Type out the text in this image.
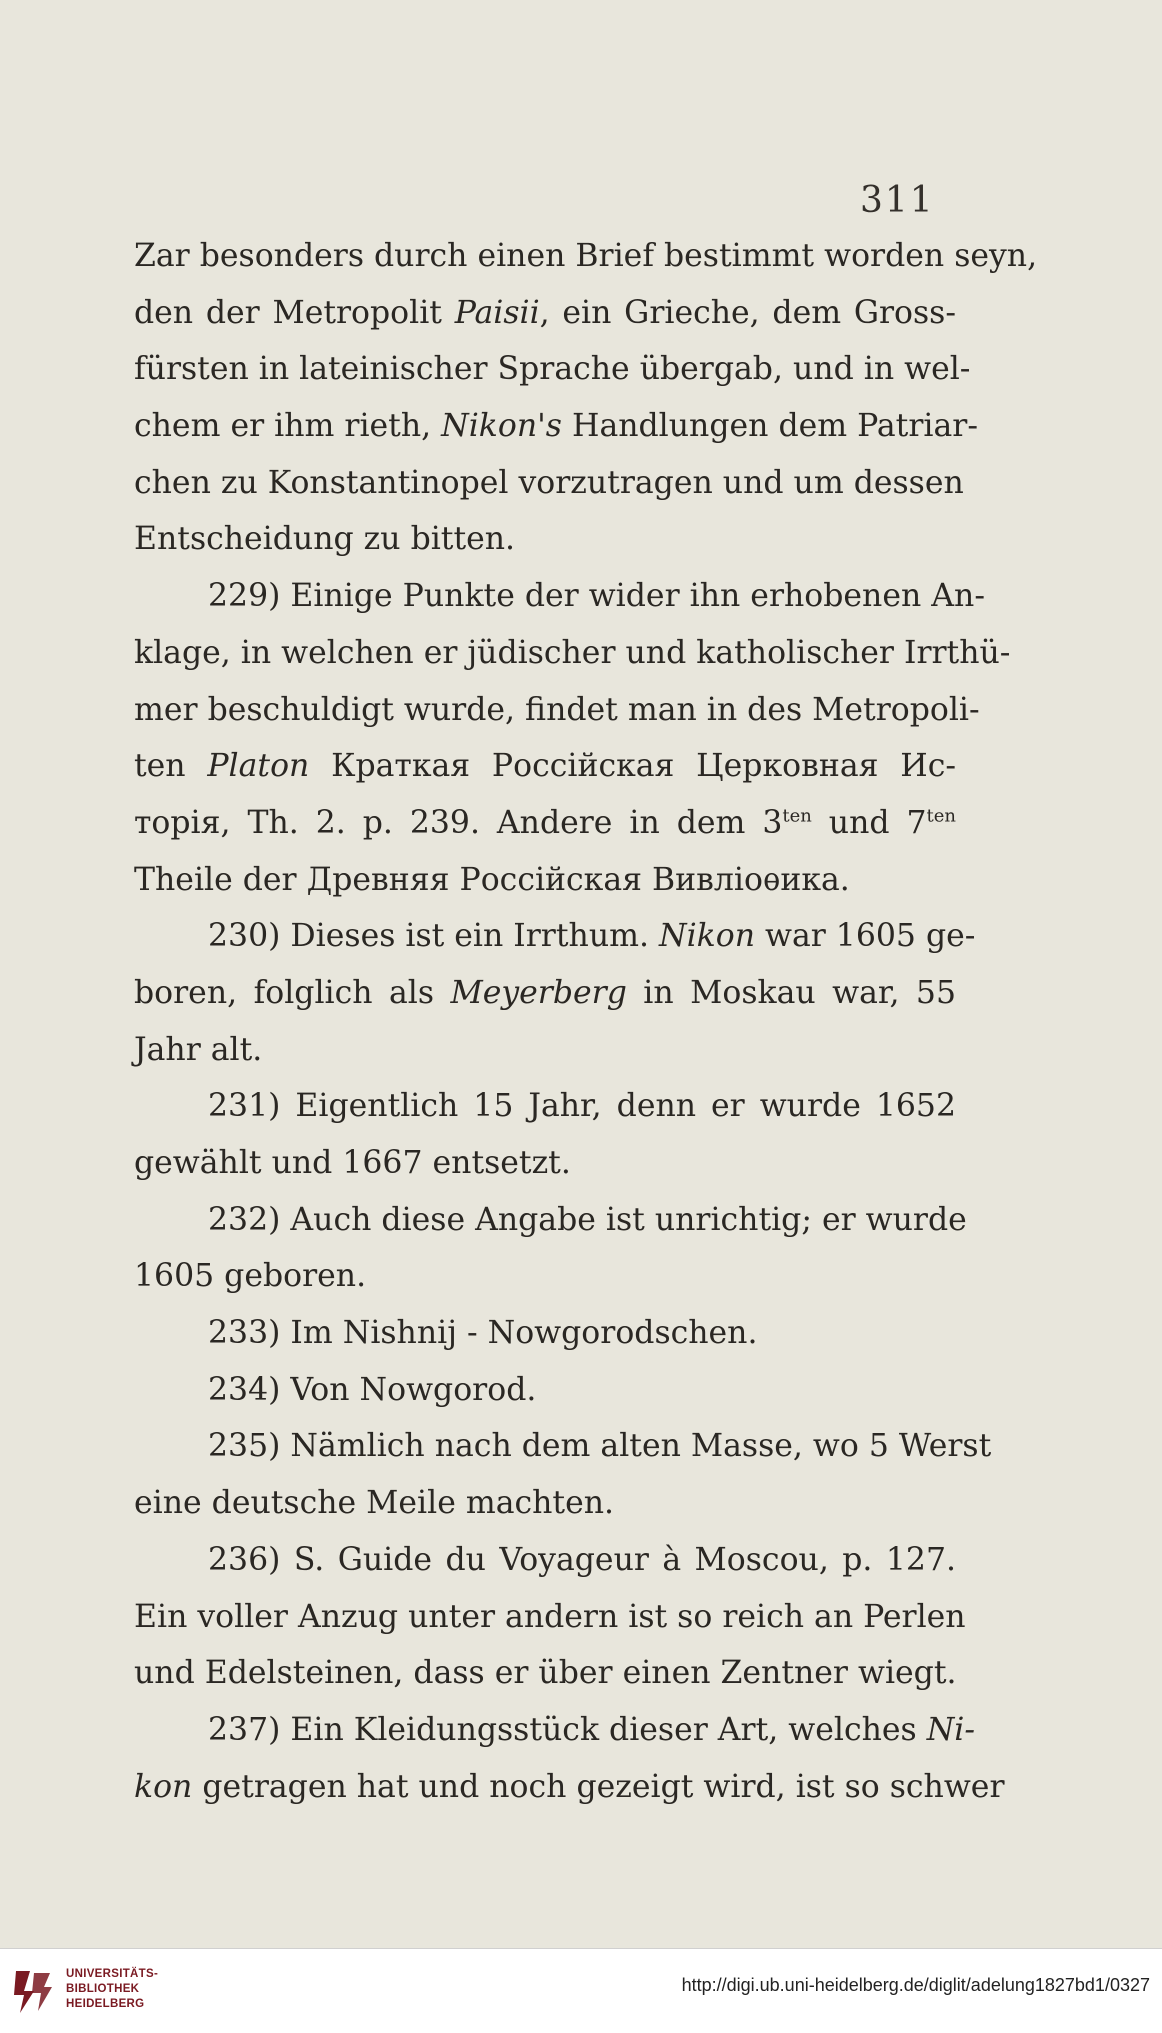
311
Zar besonders durch einen Brief bestimmt worden seyn,
den der Metropolit Paisii, ein Grieche, dem Gross-
fürsten in lateinischer Sprache übergab, und in wel-
chem er ihm rieth, Nikon's Handlungen dem Patriar-
chen zu Konstantinopel vorzutragen und um dessen
Entscheidung zu bitten.
229) Einige Punkte der wider ihn erhobenen An-
klage, in welchen er jüdischer und katholischer Irrthü-
mer beschuldigt wurde, findet man in des Metropoli-
ten Platon Краткая Россійская Церковная Ис-
торія, Th. 2. p. 239. Andere in dem $3^{ten}$ und $7^{ten}$
Theile der Древняя Россійская Вивліоѳика.
230) Dieses ist ein Irrthum. Nikon war 1605 ge-
boren, folglich als Meyerberg in Moskau war, 55
Jahr alt.
231) Eigentlich 15 Jahr, denn er wurde 1652
gewählt und 1667 entsetzt.
232) Auch diese Angabe ist unrichtig; er wurde
1605 geboren.
233) Im Nishnij - Nowgorodschen.
234) Von Nowgorod.
235) Nämlich nach dem alten Masse, wo 5 Werst
eine deutsche Meile machten.
236) S. Guide du Voyageur à Moscou, p. 127.
Ein voller Anzug unter andern ist so reich an Perlen
und Edelsteinen, dass er über einen Zentner wiegt.
237) Ein Kleidungsstück dieser Art, welches Ni-
kon getragen hat und noch gezeigt wird, ist so schwer
UNIVERSITÄTS-
BIBLIOTHEK
HEIDELBERG
http://digi.ub.uni-heidelberg.de/diglit/adelung1827bd1/0327
